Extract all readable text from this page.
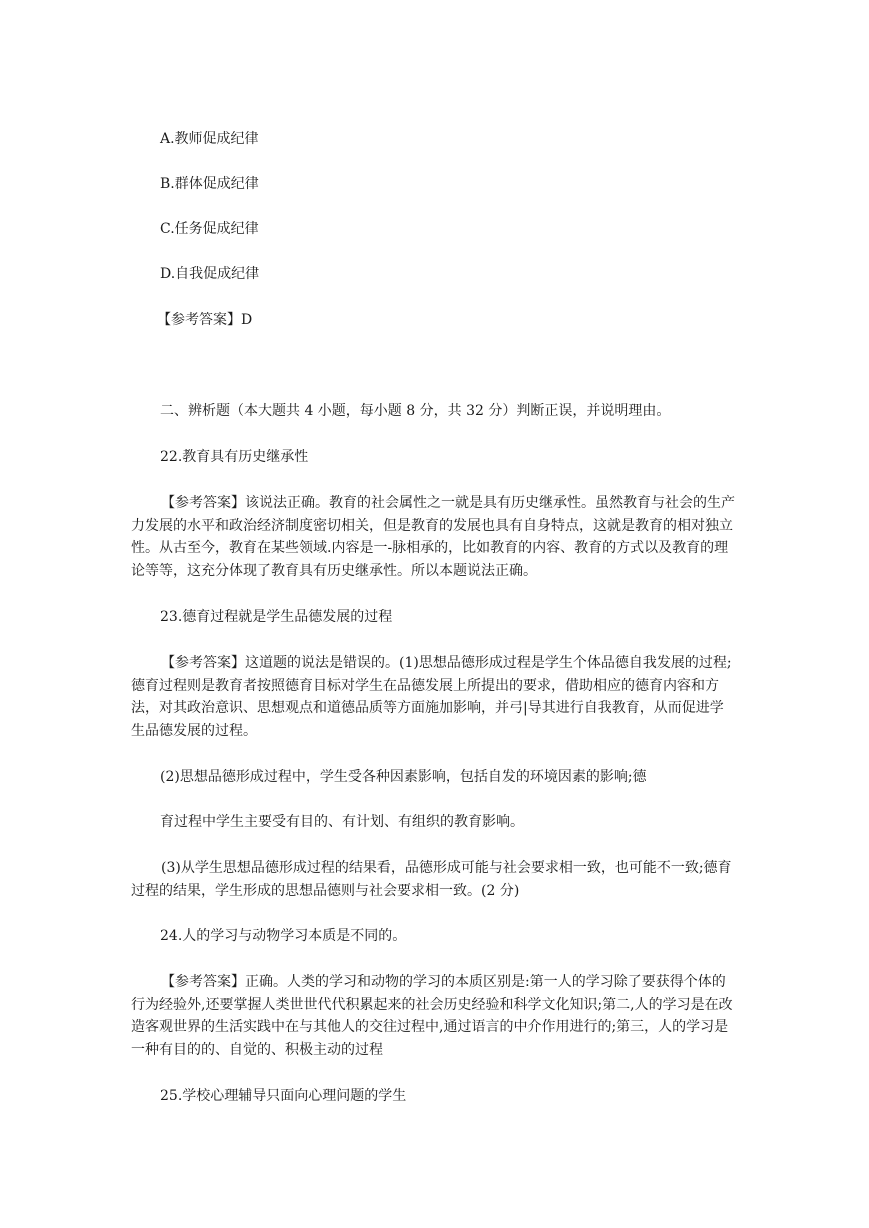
A.教师促成纪律
B.群体促成纪律
C.任务促成纪律
D.自我促成纪律
【参考答案】D
二、辨析题（本大题共 4 小题，每小题 8 分，共 32 分）判断正误，并说明理由。
22.教育具有历史继承性
【参考答案】该说法正确。教育的社会属性之一就是具有历史继承性。虽然教育与社会的生产力发展的水平和政治经济制度密切相关，但是教育的发展也具有自身特点，这就是教育的相对独立性。从古至今，教育在某些领域.内容是一-脉相承的，比如教育的内容、教育的方式以及教育的理论等等，这充分体现了教育具有历史继承性。所以本题说法正确。
23.德育过程就是学生品德发展的过程
【参考答案】这道题的说法是错误的。(1)思想品德形成过程是学生个体品德自我发展的过程;德育过程则是教育者按照德育目标对学生在品德发展上所提出的要求，借助相应的德育内容和方法，对其政治意识、思想观点和道德品质等方面施加影响，并弓|导其进行自我教育，从而促进学生品德发展的过程。
(2)思想品德形成过程中，学生受各种因素影响，包括自发的环境因素的影响;德
育过程中学生主要受有目的、有计划、有组织的教育影响。
(3)从学生思想品德形成过程的结果看，品德形成可能与社会要求相一致，也可能不一致;德育过程的结果，学生形成的思想品德则与社会要求相一致。(2 分)
24.人的学习与动物学习本质是不同的。
【参考答案】正确。人类的学习和动物的学习的本质区别是:第一人的学习除了要获得个体的行为经验外,还要掌握人类世世代代积累起来的社会历史经验和科学文化知识;第二,人的学习是在改造客观世界的生活实践中在与其他人的交往过程中,通过语言的中介作用进行的;第三，人的学习是一种有目的的、自觉的、积极主动的过程
25.学校心理辅导只面向心理问题的学生
